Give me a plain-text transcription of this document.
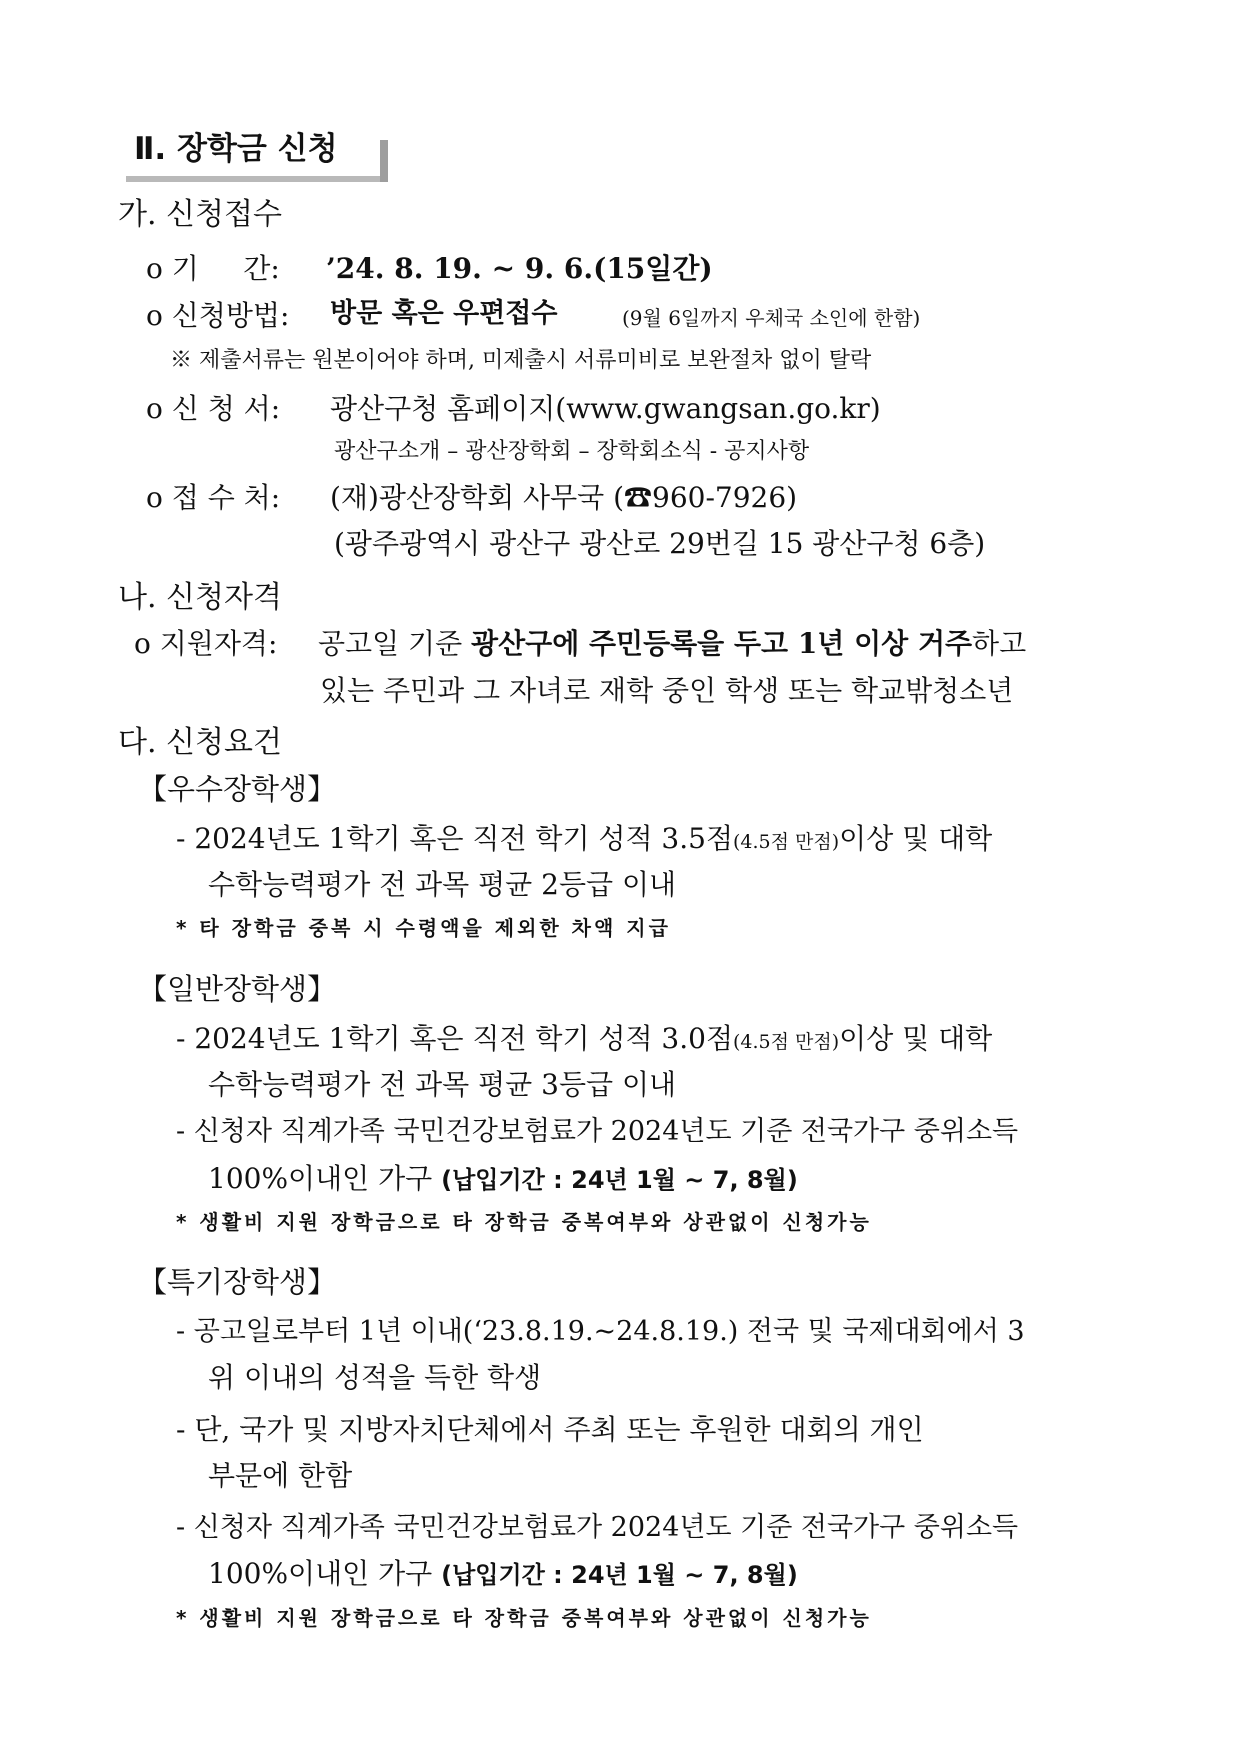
Ⅱ. 장학금 신청
가. 신청접수
o 기     간: ’24. 8. 19. ~ 9. 6.(15일간)
o 신청방법: 방문 혹은 우편접수	(9월 6일까지 우체국 소인에 한함)
※ 제출서류는 원본이어야 하며, 미제출시 서류미비로 보완절차 없이 탈락
o 신 청 서: 광산구청 홈페이지(www.gwangsan.go.kr)
광산구소개 – 광산장학회 – 장학회소식 - 공지사항
o 접 수 처: (재)광산장학회 사무국 (☎960-7926)
(광주광역시 광산구 광산로 29번길 15 광산구청 6층)
나. 신청자격
o 지원자격: 공고일 기준 광산구에 주민등록을 두고 1년 이상 거주하고
있는 주민과 그 자녀로 재학 중인 학생 또는 학교밖청소년
다. 신청요건
【우수장학생】
- 2024년도 1학기 혹은 직전 학기 성적 3.5점(4.5점 만점)이상 및 대학
수학능력평가 전 과목 평균 2등급 이내
* 타 장학금 중복 시 수령액을 제외한 차액 지급
【일반장학생】
- 2024년도 1학기 혹은 직전 학기 성적 3.0점(4.5점 만점)이상 및 대학
수학능력평가 전 과목 평균 3등급 이내
- 신청자 직계가족 국민건강보험료가 2024년도 기준 전국가구 중위소득
100%이내인 가구 (납입기간 : 24년 1월 ~ 7, 8월)
* 생활비 지원 장학금으로 타 장학금 중복여부와 상관없이 신청가능
【특기장학생】
- 공고일로부터 1년 이내(‘23.8.19.~24.8.19.) 전국 및 국제대회에서 3
위 이내의 성적을 득한 학생
- 단, 국가 및 지방자치단체에서 주최 또는 후원한 대회의 개인
부문에 한함
- 신청자 직계가족 국민건강보험료가 2024년도 기준 전국가구 중위소득
100%이내인 가구 (납입기간 : 24년 1월 ~ 7, 8월)
* 생활비 지원 장학금으로 타 장학금 중복여부와 상관없이 신청가능
